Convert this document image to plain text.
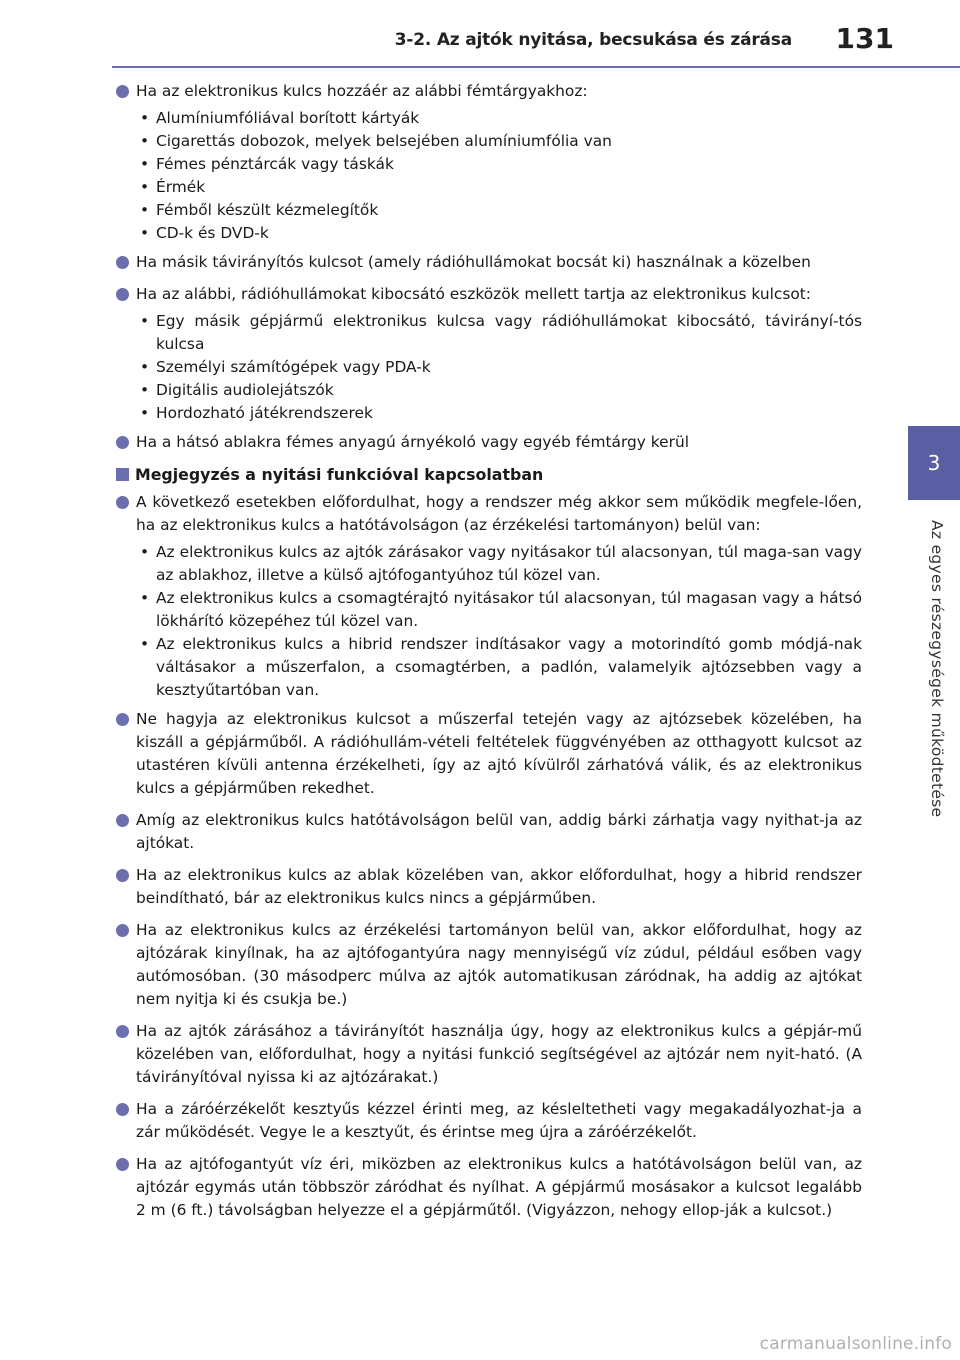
3-2. Az ajtók nyitása, becsukása és zárása 131
3
Az egyes részegységek működtetése
Ha az elektronikus kulcs hozzáér az alábbi fémtárgyakhoz:
• Alumíniumfóliával borított kártyák
• Cigarettás dobozok, melyek belsejében alumíniumfólia van
• Fémes pénztárcák vagy táskák
• Érmék
• Fémből készült kézmelegítők
• CD-k és DVD-k
Ha másik távirányítós kulcsot (amely rádióhullámokat bocsát ki) használnak a közelben
Ha az alábbi, rádióhullámokat kibocsátó eszközök mellett tartja az elektronikus kulcsot:
• Egy másik gépjármű elektronikus kulcsa vagy rádióhullámokat kibocsátó, távirányí-tós kulcsa
• Személyi számítógépek vagy PDA-k
• Digitális audiolejátszók
• Hordozható játékrendszerek
Ha a hátsó ablakra fémes anyagú árnyékoló vagy egyéb fémtárgy kerül
Megjegyzés a nyitási funkcióval kapcsolatban
A következő esetekben előfordulhat, hogy a rendszer még akkor sem működik megfele-lően, ha az elektronikus kulcs a hatótávolságon (az érzékelési tartományon) belül van:
• Az elektronikus kulcs az ajtók zárásakor vagy nyitásakor túl alacsonyan, túl maga-san vagy az ablakhoz, illetve a külső ajtófogantyúhoz túl közel van.
• Az elektronikus kulcs a csomagtérajtó nyitásakor túl alacsonyan, túl magasan vagy a hátsó lökhárító közepéhez túl közel van.
• Az elektronikus kulcs a hibrid rendszer indításakor vagy a motorindító gomb módjá-nak váltásakor a műszerfalon, a csomagtérben, a padlón, valamelyik ajtózsebben vagy a kesztyűtartóban van.
Ne hagyja az elektronikus kulcsot a műszerfal tetején vagy az ajtózsebek közelében, ha kiszáll a gépjárműből. A rádióhullám-vételi feltételek függvényében az otthagyott kulcsot az utastéren kívüli antenna érzékelheti, így az ajtó kívülről zárhatóvá válik, és az elektronikus kulcs a gépjárműben rekedhet.
Amíg az elektronikus kulcs hatótávolságon belül van, addig bárki zárhatja vagy nyithat-ja az ajtókat.
Ha az elektronikus kulcs az ablak közelében van, akkor előfordulhat, hogy a hibrid rendszer beindítható, bár az elektronikus kulcs nincs a gépjárműben.
Ha az elektronikus kulcs az érzékelési tartományon belül van, akkor előfordulhat, hogy az ajtózárak kinyílnak, ha az ajtófogantyúra nagy mennyiségű víz zúdul, például esőben vagy autómosóban. (30 másodperc múlva az ajtók automatikusan záródnak, ha addig az ajtókat nem nyitja ki és csukja be.)
Ha az ajtók zárásához a távirányítót használja úgy, hogy az elektronikus kulcs a gépjár-mű közelében van, előfordulhat, hogy a nyitási funkció segítségével az ajtózár nem nyit-ható. (A távirányítóval nyissa ki az ajtózárakat.)
Ha a záróérzékelőt kesztyűs kézzel érinti meg, az késleltetheti vagy megakadályozhat-ja a zár működését. Vegye le a kesztyűt, és érintse meg újra a záróérzékelőt.
Ha az ajtófogantyút víz éri, miközben az elektronikus kulcs a hatótávolságon belül van, az ajtózár egymás után többször záródhat és nyílhat. A gépjármű mosásakor a kulcsot legalább 2 m (6 ft.) távolságban helyezze el a gépjárműtől. (Vigyázzon, nehogy ellop-ják a kulcsot.)
carmanualsonline.info
